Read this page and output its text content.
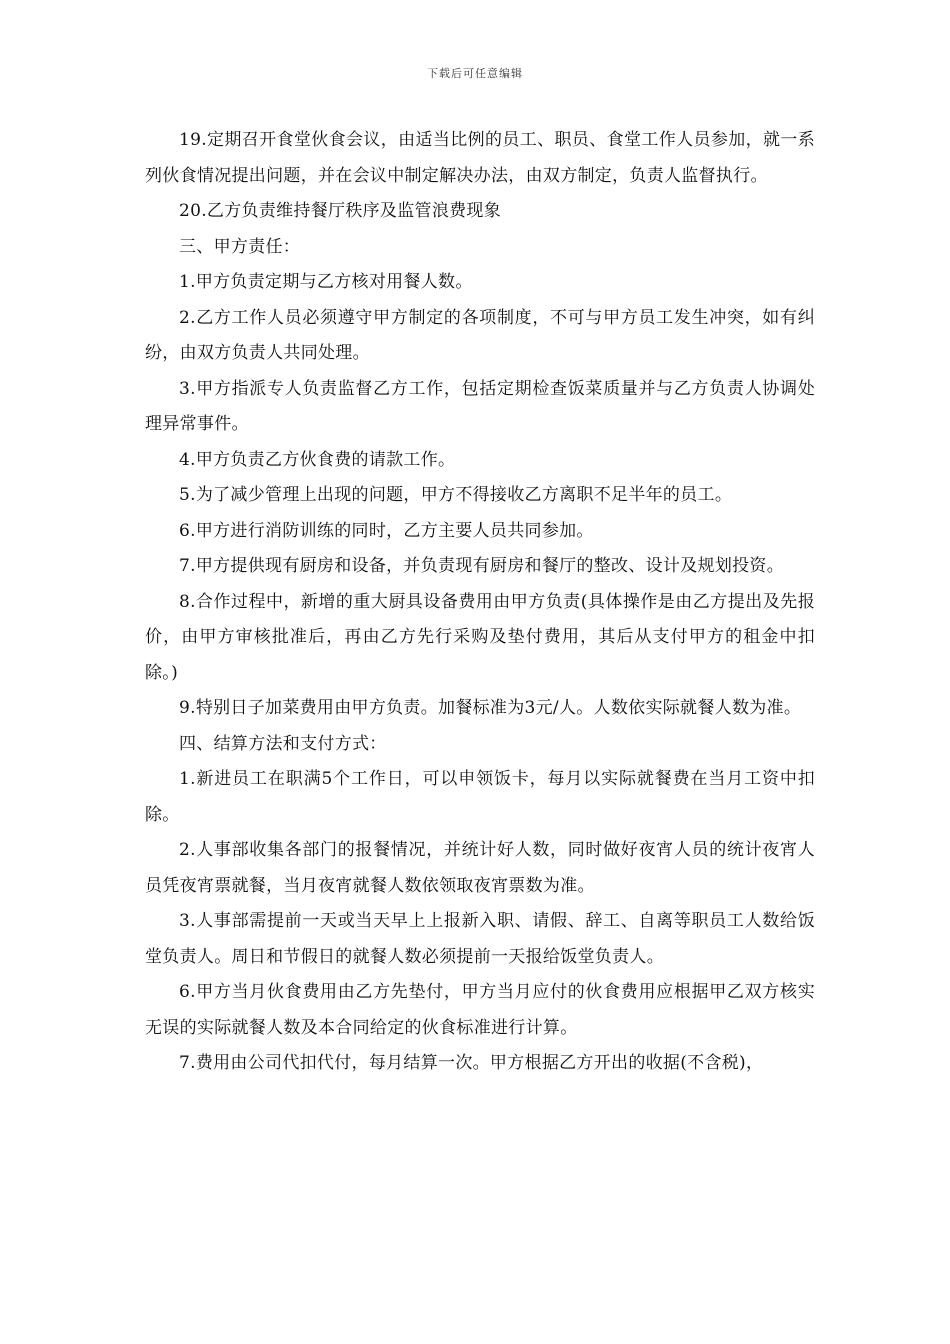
下载后可任意编辑

19.定期召开食堂伙食会议，由适当比例的员工、职员、食堂工作人员参加，就一系列伙食情况提出问题，并在会议中制定解决办法，由双方制定，负责人监督执行。

20.乙方负责维持餐厅秩序及监管浪费现象

三、甲方责任：

1.甲方负责定期与乙方核对用餐人数。

2.乙方工作人员必须遵守甲方制定的各项制度，不可与甲方员工发生冲突，如有纠纷，由双方负责人共同处理。

3.甲方指派专人负责监督乙方工作，包括定期检查饭菜质量并与乙方负责人协调处理异常事件。

4.甲方负责乙方伙食费的请款工作。

5.为了减少管理上出现的问题，甲方不得接收乙方离职不足半年的员工。

6.甲方进行消防训练的同时，乙方主要人员共同参加。

7.甲方提供现有厨房和设备，并负责现有厨房和餐厅的整改、设计及规划投资。

8.合作过程中，新增的重大厨具设备费用由甲方负责(具体操作是由乙方提出及先报价，由甲方审核批准后，再由乙方先行采购及垫付费用，其后从支付甲方的租金中扣除。)

9.特别日子加菜费用由甲方负责。加餐标准为3元/人。人数依实际就餐人数为准。

四、结算方法和支付方式：

1.新进员工在职满5个工作日，可以申领饭卡，每月以实际就餐费在当月工资中扣除。

2.人事部收集各部门的报餐情况，并统计好人数，同时做好夜宵人员的统计夜宵人员凭夜宵票就餐，当月夜宵就餐人数依领取夜宵票数为准。

3.人事部需提前一天或当天早上上报新入职、请假、辞工、自离等职员工人数给饭堂负责人。周日和节假日的就餐人数必须提前一天报给饭堂负责人。

6.甲方当月伙食费用由乙方先垫付，甲方当月应付的伙食费用应根据甲乙双方核实无误的实际就餐人数及本合同给定的伙食标准进行计算。

7.费用由公司代扣代付，每月结算一次。甲方根据乙方开出的收据(不含税)，
